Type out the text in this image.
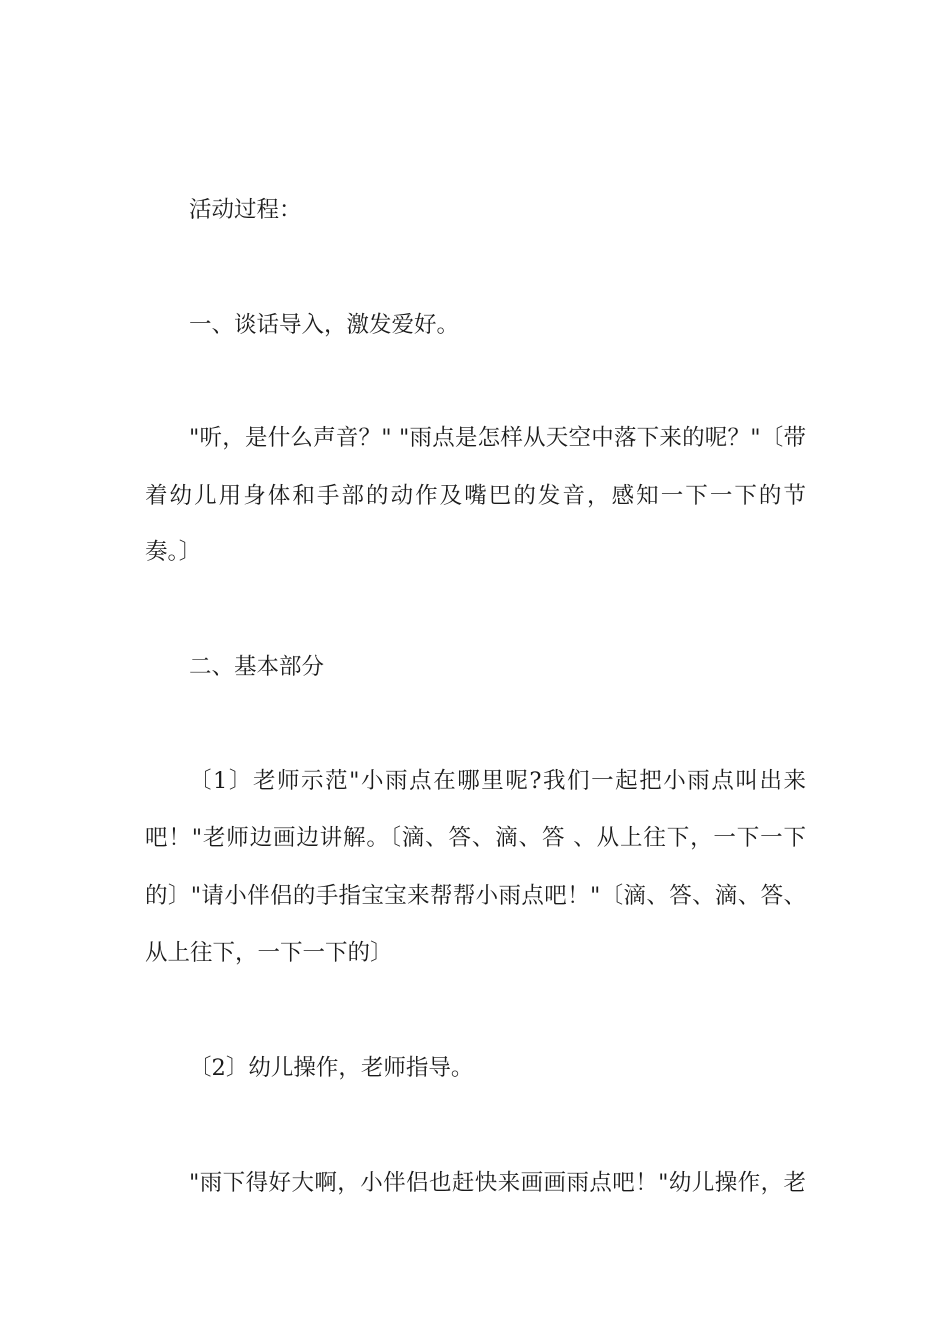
活动过程：
一、谈话导入，激发爱好。
"听，是什么声音？" "雨点是怎样从天空中落下来的呢？"〔带
着幼儿用身体和手部的动作及嘴巴的发音，感知一下一下的节
奏。〕
二、基本部分
〔1〕老师示范"小雨点在哪里呢?我们一起把小雨点叫出来
吧！"老师边画边讲解。〔滴、答、滴、答 、从上往下，一下一下
的〕"请小伴侣的手指宝宝来帮帮小雨点吧！"〔滴、答、滴、答、
从上往下，一下一下的〕
〔2〕幼儿操作，老师指导。
"雨下得好大啊，小伴侣也赶快来画画雨点吧！"幼儿操作，老
